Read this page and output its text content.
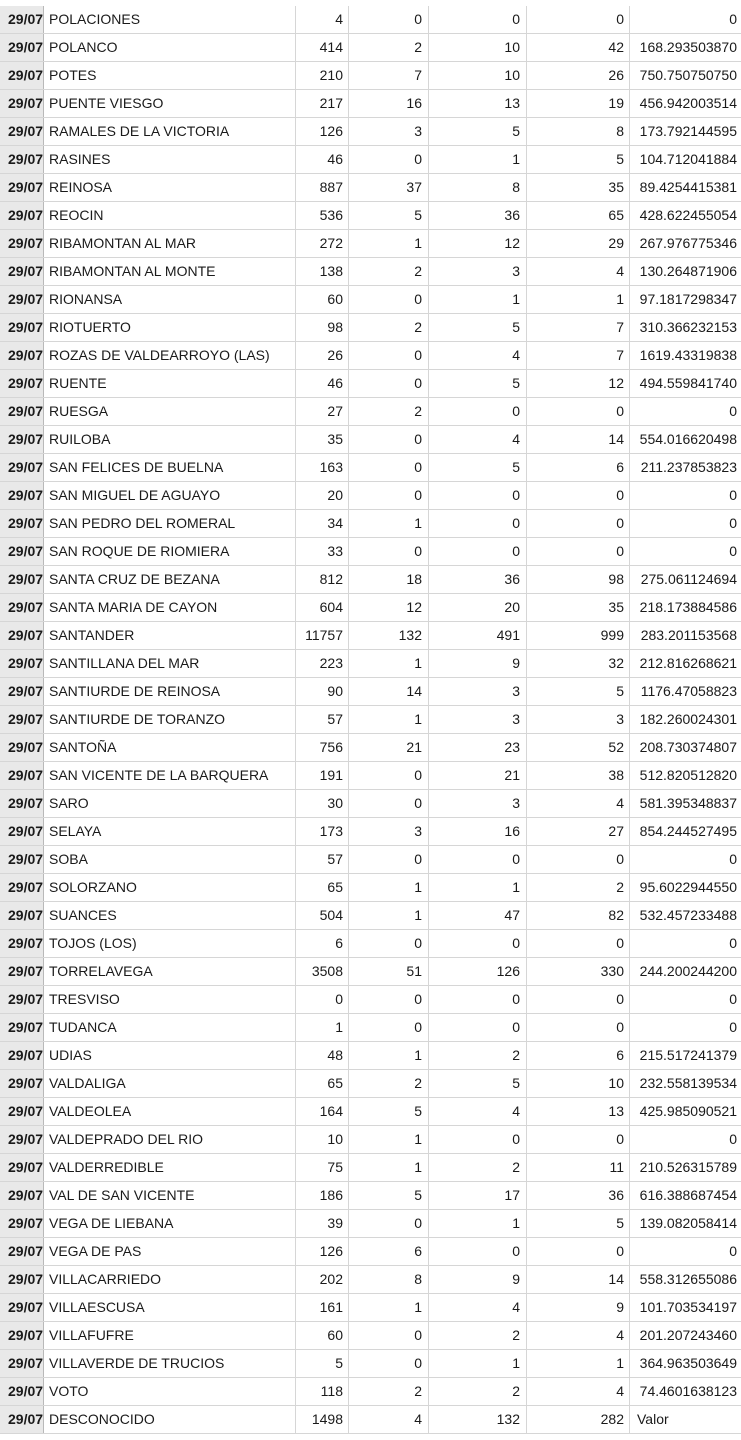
29/07 POLACIONES	4	0	0	0	0
29/07 POLANCO	414	2	10	42	168.293503870
29/07 POTES	210	7	10	26	750.750750750
29/07 PUENTE VIESGO	217	16	13	19	456.942003514
29/07 RAMALES DE LA VICTORIA	126	3	5	8	173.792144595
29/07 RASINES	46	0	1	5	104.712041884
29/07 REINOSA	887	37	8	35	89.4254415381
29/07 REOCIN	536	5	36	65	428.622455054
29/07 RIBAMONTAN AL MAR	272	1	12	29	267.976775346
29/07 RIBAMONTAN AL MONTE	138	2	3	4	130.264871906
29/07 RIONANSA	60	0	1	1	97.1817298347
29/07 RIOTUERTO	98	2	5	7	310.366232153
29/07 ROZAS DE VALDEARROYO (LAS)	26	0	4	7	1619.43319838
29/07 RUENTE	46	0	5	12	494.559841740
29/07 RUESGA	27	2	0	0	0
29/07 RUILOBA	35	0	4	14	554.016620498
29/07 SAN FELICES DE BUELNA	163	0	5	6	211.237853823
29/07 SAN MIGUEL DE AGUAYO	20	0	0	0	0
29/07 SAN PEDRO DEL ROMERAL	34	1	0	0	0
29/07 SAN ROQUE DE RIOMIERA	33	0	0	0	0
29/07 SANTA CRUZ DE BEZANA	812	18	36	98	275.061124694
29/07 SANTA MARIA DE CAYON	604	12	20	35	218.173884586
29/07 SANTANDER	11757	132	491	999	283.201153568
29/07 SANTILLANA DEL MAR	223	1	9	32	212.816268621
29/07 SANTIURDE DE REINOSA	90	14	3	5	1176.47058823
29/07 SANTIURDE DE TORANZO	57	1	3	3	182.260024301
29/07 SANTOÑA	756	21	23	52	208.730374807
29/07 SAN VICENTE DE LA BARQUERA	191	0	21	38	512.820512820
29/07 SARO	30	0	3	4	581.395348837
29/07 SELAYA	173	3	16	27	854.244527495
29/07 SOBA	57	0	0	0	0
29/07 SOLORZANO	65	1	1	2	95.6022944550
29/07 SUANCES	504	1	47	82	532.457233488
29/07 TOJOS (LOS)	6	0	0	0	0
29/07 TORRELAVEGA	3508	51	126	330	244.200244200
29/07 TRESVISO	0	0	0	0	0
29/07 TUDANCA	1	0	0	0	0
29/07 UDIAS	48	1	2	6	215.517241379
29/07 VALDALIGA	65	2	5	10	232.558139534
29/07 VALDEOLEA	164	5	4	13	425.985090521
29/07 VALDEPRADO DEL RIO	10	1	0	0	0
29/07 VALDERREDIBLE	75	1	2	11	210.526315789
29/07 VAL DE SAN VICENTE	186	5	17	36	616.388687454
29/07 VEGA DE LIEBANA	39	0	1	5	139.082058414
29/07 VEGA DE PAS	126	6	0	0	0
29/07 VILLACARRIEDO	202	8	9	14	558.312655086
29/07 VILLAESCUSA	161	1	4	9	101.703534197
29/07 VILLAFUFRE	60	0	2	4	201.207243460
29/07 VILLAVERDE DE TRUCIOS	5	0	1	1	364.963503649
29/07 VOTO	118	2	2	4	74.4601638123
29/07 DESCONOCIDO	1498	4	132	282 Valor
